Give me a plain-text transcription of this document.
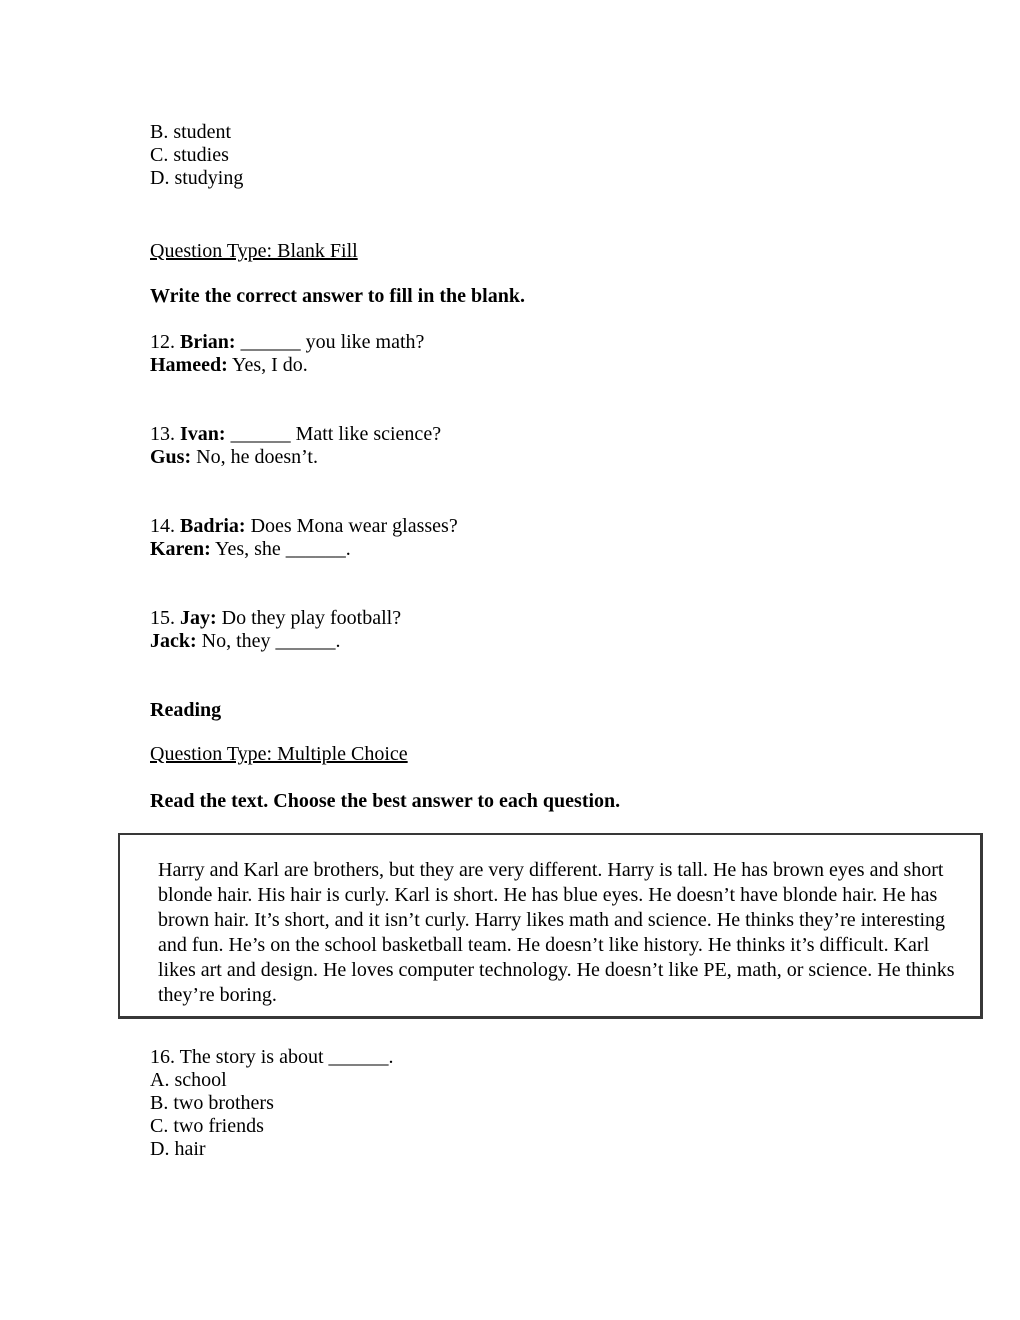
B. student

C. studies

D. studying

Question Type: Blank Fill

Write the correct answer to fill in the blank.

12. Brian: ______ you like math?

Hameed: Yes, I do.

13. Ivan: ______ Matt like science?

Gus: No, he doesn’t.

14. Badria: Does Mona wear glasses?

Karen: Yes, she ______.

15. Jay: Do they play football?

Jack: No, they ______.

Reading

Question Type: Multiple Choice

Read the text. Choose the best answer to each question.

Harry and Karl are brothers, but they are very different. Harry is tall. He has brown eyes and short blonde hair. His hair is curly. Karl is short. He has blue eyes. He doesn’t have blonde hair. He has brown hair. It’s short, and it isn’t curly. Harry likes math and science. He thinks they’re interesting and fun. He’s on the school basketball team. He doesn’t like history. He thinks it’s difficult. Karl likes art and design. He loves computer technology. He doesn’t like PE, math, or science. He thinks they’re boring.

16. The story is about ______.

A. school

B. two brothers

C. two friends

D. hair
